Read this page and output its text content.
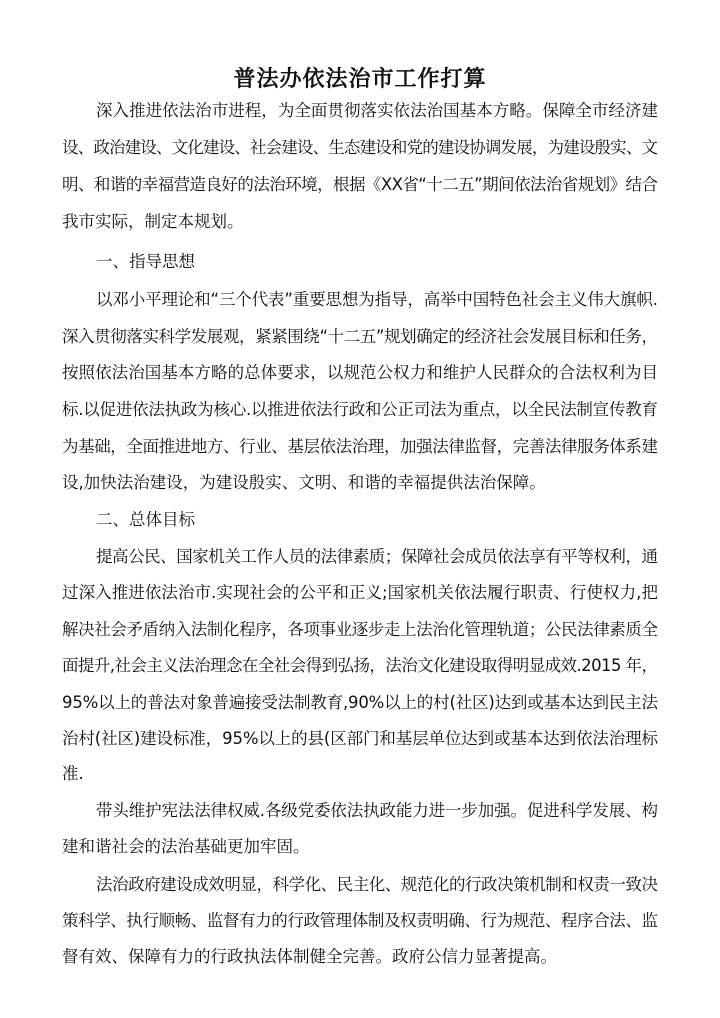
普法办依法治市工作打算
深入推进依法治市进程，为全面贯彻落实依法治国基本方略。保障全市经济建
设、政治建设、文化建设、社会建设、生态建设和党的建设协调发展，为建设殷实、文
明、和谐的幸福营造良好的法治环境，根据《XX省“十二五”期间依法治省规划》结合
我市实际，制定本规划。
一、指导思想
以邓小平理论和“三个代表”重要思想为指导，高举中国特色社会主义伟大旗帜.
深入贯彻落实科学发展观，紧紧围绕“十二五”规划确定的经济社会发展目标和任务，
按照依法治国基本方略的总体要求，以规范公权力和维护人民群众的合法权利为目
标.以促进依法执政为核心.以推进依法行政和公正司法为重点，以全民法制宣传教育
为基础，全面推进地方、行业、基层依法治理，加强法律监督，完善法律服务体系建
设,加快法治建设，为建设殷实、文明、和谐的幸福提供法治保障。
二、总体目标
提高公民、国家机关工作人员的法律素质；保障社会成员依法享有平等权利，通
过深入推进依法治市.实现社会的公平和正义;国家机关依法履行职责、行使权力,把
解决社会矛盾纳入法制化程序，各项事业逐步走上法治化管理轨道；公民法律素质全
面提升,社会主义法治理念在全社会得到弘扬，法治文化建设取得明显成效.2015 年，
95%以上的普法对象普遍接受法制教育,90%以上的村(社区)达到或基本达到民主法
治村(社区)建设标准，95%以上的县(区部门和基层单位达到或基本达到依法治理标
准.
带头维护宪法法律权威.各级党委依法执政能力进一步加强。促进科学发展、构
建和谐社会的法治基础更加牢固。
法治政府建设成效明显，科学化、民主化、规范化的行政决策机制和权责一致决
策科学、执行顺畅、监督有力的行政管理体制及权责明确、行为规范、程序合法、监
督有效、保障有力的行政执法体制健全完善。政府公信力显著提高。
